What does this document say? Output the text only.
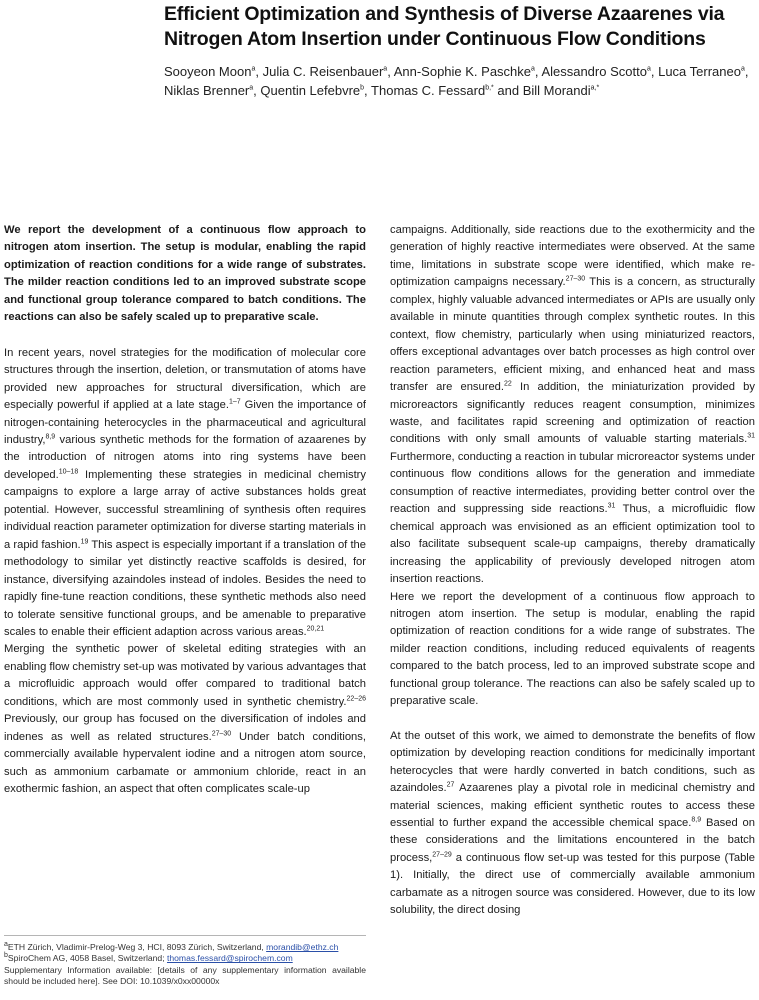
Efficient Optimization and Synthesis of Diverse Azaarenes via Nitrogen Atom Insertion under Continuous Flow Conditions
Sooyeon Moon$^a$, Julia C. Reisenbauer$^a$, Ann-Sophie K. Paschke$^a$, Alessandro Scotto$^a$, Luca Terraneo$^a$, Niklas Brenner$^a$, Quentin Lefebvre$^b$, Thomas C. Fessard$^{b,*}$ and Bill Morandi$^{a,*}$

We report the development of a continuous flow approach to nitrogen atom insertion. The setup is modular, enabling the rapid optimization of reaction conditions for a wide range of substrates. The milder reaction conditions led to an improved substrate scope and functional group tolerance compared to batch conditions. The reactions can also be safely scaled up to preparative scale.

In recent years, novel strategies for the modification of molecular core structures through the insertion, deletion, or transmutation of atoms have provided new approaches for structural diversification, which are especially powerful if applied at a late stage.$^{1-7}$ Given the importance of nitrogen-containing heterocycles in the pharmaceutical and agricultural industry,$^{8,9}$ various synthetic methods for the formation of azaarenes by the introduction of nitrogen atoms into ring systems have been developed.$^{10-18}$ Implementing these strategies in medicinal chemistry campaigns to explore a large array of active substances holds great potential. However, successful streamlining of synthesis often requires individual reaction parameter optimization for diverse starting materials in a rapid fashion.$^{19}$ This aspect is especially important if a translation of the methodology to similar yet distinctly reactive scaffolds is desired, for instance, diversifying azaindoles instead of indoles. Besides the need to rapidly fine-tune reaction conditions, these synthetic methods also need to tolerate sensitive functional groups, and be amenable to preparative scales to enable their efficient adaption across various areas.$^{20,21}$

Merging the synthetic power of skeletal editing strategies with an enabling flow chemistry set-up was motivated by various advantages that a microfluidic approach would offer compared to traditional batch conditions, which are most commonly used in synthetic chemistry.$^{22-26}$ Previously, our group has focused on the diversification of indoles and indenes as well as related structures.$^{27-30}$ Under batch conditions, commercially available hypervalent iodine and a nitrogen atom source, such as ammonium carbamate or ammonium chloride, react in an exothermic fashion, an aspect that often complicates scale-up

campaigns. Additionally, side reactions due to the exothermicity and the generation of highly reactive intermediates were observed. At the same time, limitations in substrate scope were identified, which make re-optimization campaigns necessary.$^{27-30}$ This is a concern, as structurally complex, highly valuable advanced intermediates or APIs are usually only available in minute quantities through complex synthetic routes. In this context, flow chemistry, particularly when using miniaturized reactors, offers exceptional advantages over batch processes as high control over reaction parameters, efficient mixing, and enhanced heat and mass transfer are ensured.$^{22}$ In addition, the miniaturization provided by microreactors significantly reduces reagent consumption, minimizes waste, and facilitates rapid screening and optimization of reaction conditions with only small amounts of valuable starting materials.$^{31}$ Furthermore, conducting a reaction in tubular microreactor systems under continuous flow conditions allows for the generation and immediate consumption of reactive intermediates, providing better control over the reaction and suppressing side reactions.$^{31}$ Thus, a microfluidic flow chemical approach was envisioned as an efficient optimization tool to also facilitate subsequent scale-up campaigns, thereby dramatically increasing the applicability of previously developed nitrogen atom insertion reactions.

Here we report the development of a continuous flow approach to nitrogen atom insertion. The setup is modular, enabling the rapid optimization of reaction conditions for a wide range of substrates. The milder reaction conditions, including reduced equivalents of reagents compared to the batch process, led to an improved substrate scope and functional group tolerance. The reactions can also be safely scaled up to preparative scale.

At the outset of this work, we aimed to demonstrate the benefits of flow optimization by developing reaction conditions for medicinally important heterocycles that were hardly converted in batch conditions, such as azaindoles.$^{27}$ Azaarenes play a pivotal role in medicinal chemistry and material sciences, making efficient synthetic routes to access these essential to further expand the accessible chemical space.$^{8,9}$ Based on these considerations and the limitations encountered in the batch process,$^{27-29}$ a continuous flow set-up was tested for this purpose (Table 1). Initially, the direct use of commercially available ammonium carbamate as a nitrogen source was considered. However, due to its low solubility, the direct dosing

$^a$ETH Zürich, Vladimir-Prelog-Weg 3, HCI, 8093 Zürich, Switzerland, morandib@ethz.ch

$^b$SpiroChem AG, 4058 Basel, Switzerland; thomas.fessard@spirochem.com

Supplementary Information available: [details of any supplementary information available should be included here]. See DOI: 10.1039/x0xx00000x
